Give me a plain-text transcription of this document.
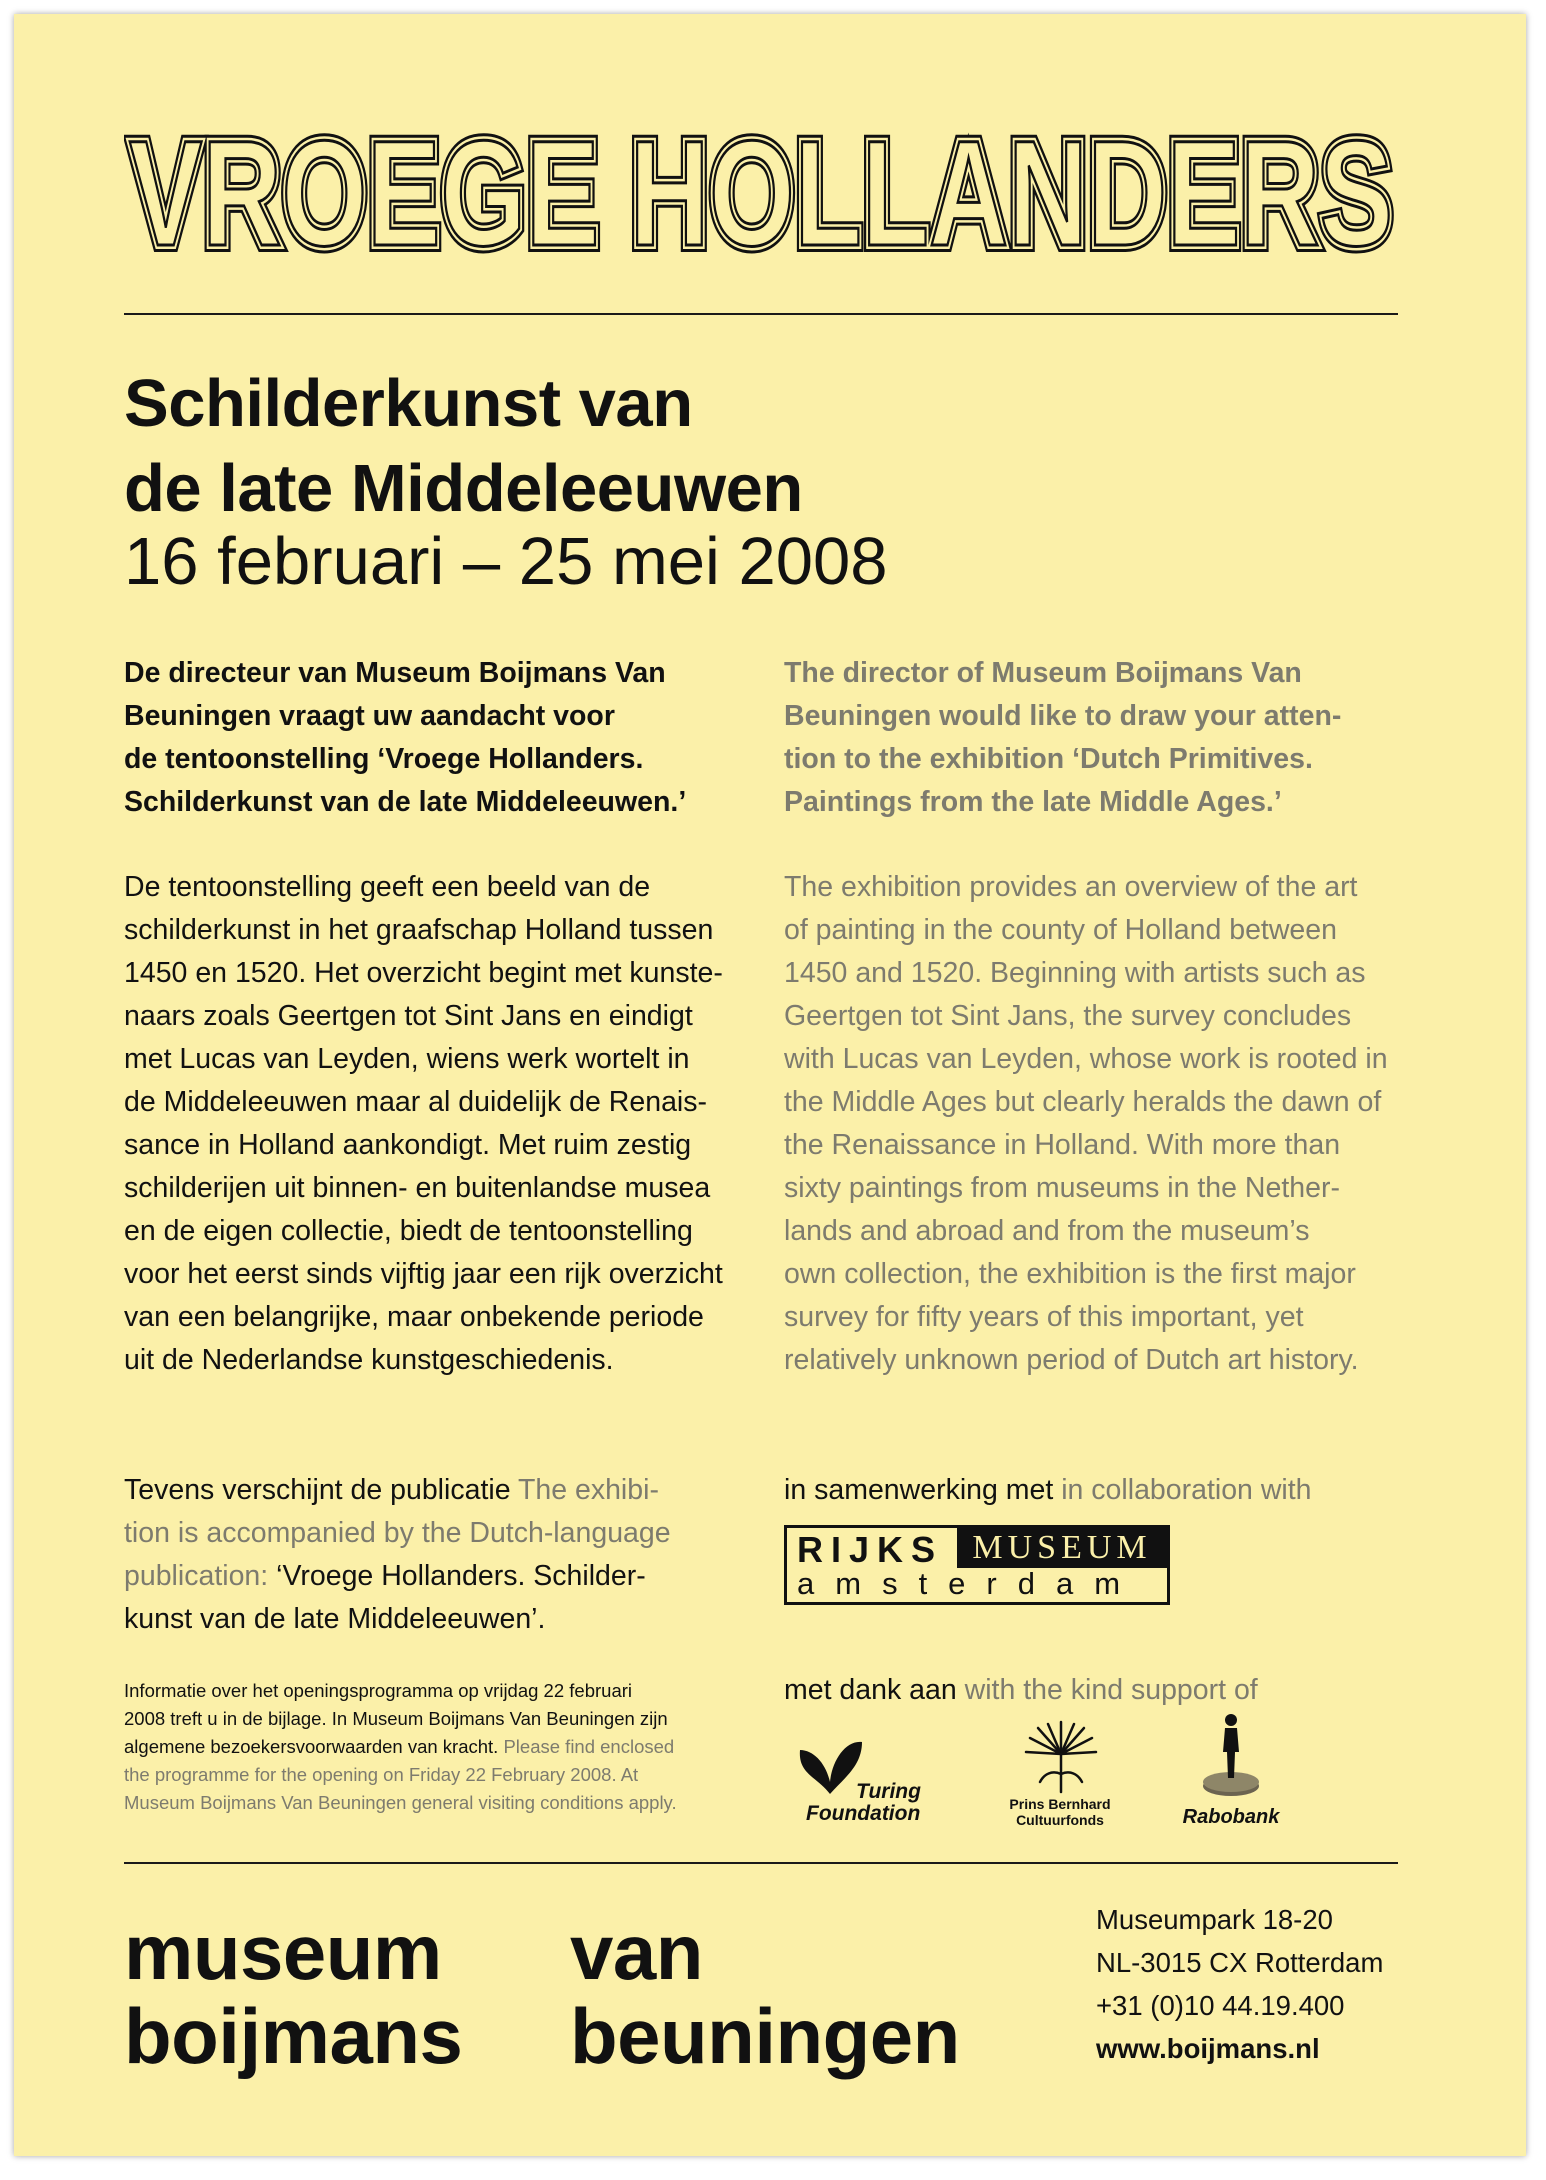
VROEGE HOLLANDERS
VROEGE HOLLANDERS
VROEGE HOLLANDERS
Schilderkunst van
de late Middeleeuwen
16 februari – 25 mei 2008
De directeur van Museum Boijmans Van
Beuningen vraagt uw aandacht voor
de tentoonstelling ‘Vroege Hollanders.
Schilderkunst van de late Middeleeuwen.’
The director of Museum Boijmans Van
Beuningen would like to draw your atten-
tion to the exhibition ‘Dutch Primitives.
Paintings from the late Middle Ages.’
De tentoonstelling geeft een beeld van de
schilderkunst in het graafschap Holland tussen
1450 en 1520. Het overzicht begint met kunste-
naars zoals Geertgen tot Sint Jans en eindigt
met Lucas van Leyden, wiens werk wortelt in
de Middeleeuwen maar al duidelijk de Renais-
sance in Holland aankondigt. Met ruim zestig
schilderijen uit binnen- en buitenlandse musea
en de eigen collectie, biedt de tentoonstelling
voor het eerst sinds vijftig jaar een rijk overzicht
van een belangrijke, maar onbekende periode
uit de Nederlandse kunstgeschiedenis.
The exhibition provides an overview of the art
of painting in the county of Holland between
1450 and 1520. Beginning with artists such as
Geertgen tot Sint Jans, the survey concludes
with Lucas van Leyden, whose work is rooted in
the Middle Ages but clearly heralds the dawn of
the Renaissance in Holland. With more than
sixty paintings from museums in the Nether-
lands and abroad and from the museum’s
own collection, the exhibition is the first major
survey for fifty years of this important, yet
relatively unknown period of Dutch art history.
Tevens verschijnt de publicatie The exhibi-
tion is accompanied by the Dutch-language
publication: ‘Vroege Hollanders. Schilder-
kunst van de late Middeleeuwen’.
Informatie over het openingsprogramma op vrijdag 22 februari
2008 treft u in de bijlage. In Museum Boijmans Van Beuningen zijn
algemene bezoekersvoorwaarden van kracht. Please find enclosed
the programme for the opening on Friday 22 February 2008. At
Museum Boijmans Van Beuningen general visiting conditions apply.
in samenwerking met in collaboration with
RIJKS MUSEUM
amsterdam
met dank aan with the kind support of
Turing
Foundation	Prins Bernhard
Cultuurfonds	Rabobank
museum
boijmans
van
beuningen
Museumpark 18-20
NL-3015 CX Rotterdam
+31 (0)10 44.19.400
www.boijmans.nl
